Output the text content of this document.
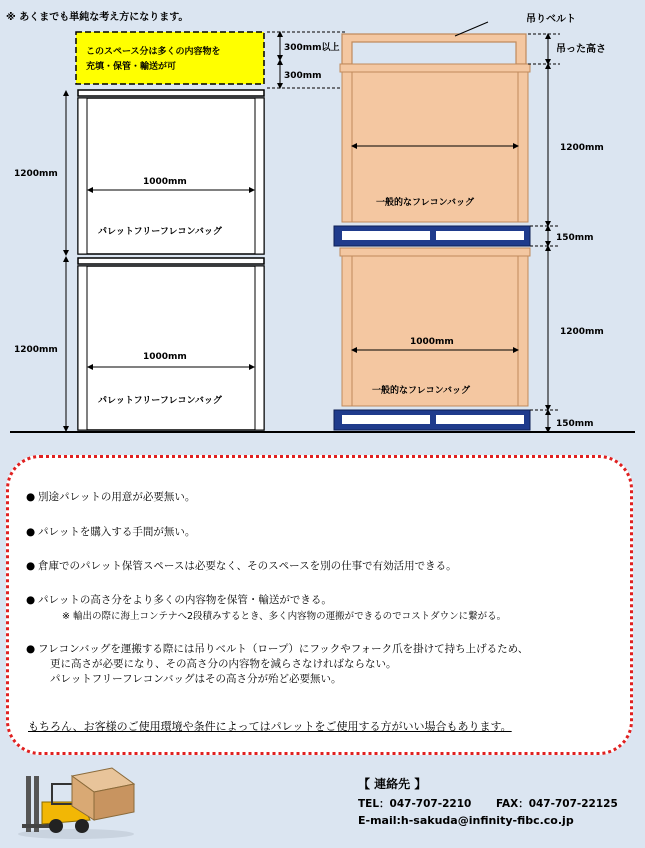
※ あくまでも単純な考え方になります。
このスペース分は多くの内容物を
充填・保管・輸送が可
300mm以上
300mm
1200mm
1200mm
1000mm
1000mm
パレットフリーフレコンバッグ
パレットフリーフレコンバッグ
吊りベルト
吊った高さ
1200mm
150mm
1200mm
150mm
1000mm
一般的なフレコンバッグ
一般的なフレコンバッグ
● 別途パレットの用意が必要無い。
● パレットを購入する手間が無い。
● 倉庫でのパレット保管スペースは必要なく、そのスペースを別の仕事で有効活用できる。
● パレットの高さ分をより多くの内容物を保管・輸送ができる。
※ 輸出の際に海上コンテナへ2段積みするとき、多く内容物の運搬ができるのでコストダウンに繋がる。
● フレコンバッグを運搬する際には吊りベルト（ロープ）にフックやフォーク爪を掛けて持ち上げるため、
更に高さが必要になり、その高さ分の内容物を減らさなければならない。
パレットフリーフレコンバッグはその高さ分が殆ど必要無い。
もちろん、お客様のご使用環境や条件によってはパレットをご使用する方がいい場合もあります。
【 連絡先 】
TEL：047-707-2210 FAX：047-707-22125
E-mail:h-sakuda@infinity-fibc.co.jp
